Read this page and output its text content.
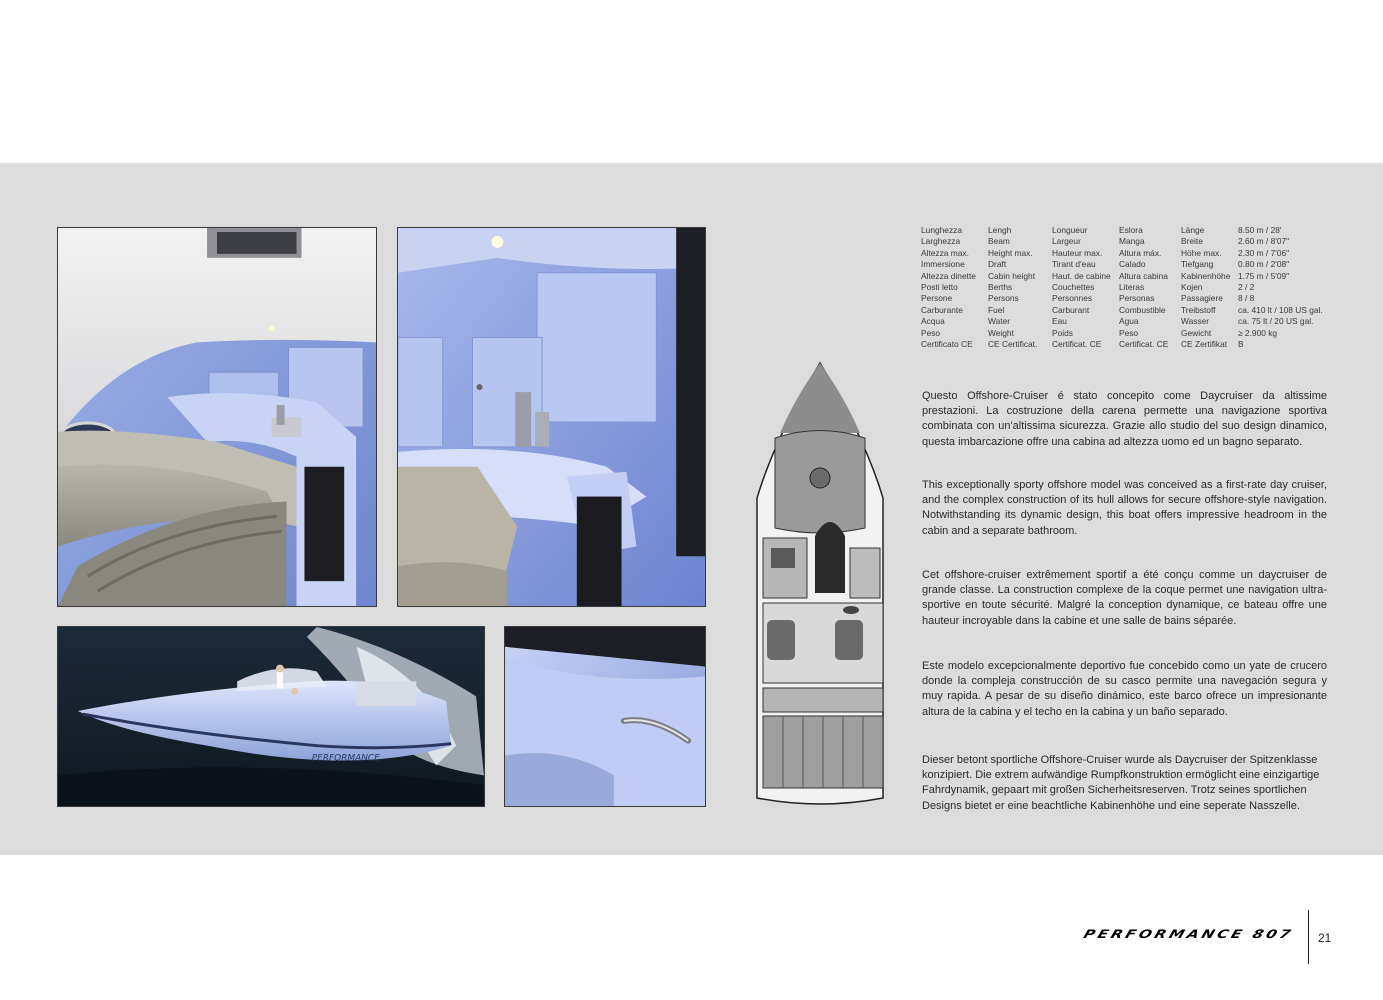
PERFORMANCE
Lunghezza	Lengh	Longueur	Eslora	Länge	8.50 m / 28'
Larghezza	Beam	Largeur	Manga	Breite	2.60 m / 8'07"
Altezza max.	Height max.	Hauteur max.	Altura máx.	Höhe max.	2.30 m / 7'06"
Immersione	Draft	Tirant d'eau	Calado	Tiefgang	0.80 m / 2'08"
Altezza dinette	Cabin height	Haut. de cabine	Altura cabina	Kabinenhöhe	1.75 m / 5'09"
Posti letto	Berths	Couchettes	Literas	Kojen	2 / 2
Persone	Persons	Personnes	Personas	Passagiere	8 / 8
Carburante	Fuel	Carburant	Combustible	Treibstoff	ca. 410 lt / 108 US gal.
Acqua	Water	Eau	Agua	Wasser	ca. 75 lt / 20 US gal.
Peso	Weight	Poids	Peso	Gewicht	≥ 2.900 kg
Certificato CE	CE Certificat.	Certificat. CE	Certificat. CE	CE Zertifikat	B

Questo Offshore-Cruiser é stato concepito come Daycruiser da altissime prestazioni. La costruzione della carena permette una navigazione sportiva combinata con un'altissima sicurezza. Grazie allo studio del suo design dinamico, questa imbarcazione offre una cabina ad altezza uomo ed un bagno separato.

This exceptionally sporty offshore model was conceived as a first-rate day cruiser, and the complex construction of its hull allows for secure offshore-style navigation. Notwithstanding its dynamic design, this boat offers impressive headroom in the cabin and a separate bathroom.

Cet offshore-cruiser extrêmement sportif a été conçu comme un daycruiser de grande classe. La construction complexe de la coque permet une navigation ultra-sportive en toute sécurité. Malgré la conception dynamique, ce bateau offre une hauteur incroyable dans la cabine et une salle de bains séparée.

Este modelo excepcionalmente deportivo fue concebido como un yate de crucero donde la compleja construcción de su casco permite una navegación segura y muy rapida. A pesar de su diseño dinámico, este barco ofrece un impresionante altura de la cabina y el techo en la cabina y un baño separado.

Dieser betont sportliche Offshore-Cruiser wurde als Daycruiser der Spitzenklasse konzipiert. Die extrem aufwändige Rumpfkonstruktion ermöglicht eine einzigartige Fahrdynamik, gepaart mit großen Sicherheitsreserven. Trotz seines sportlichen Designs bietet er eine beachtliche Kabinenhöhe und eine seperate Nasszelle.

PERFORMANCE 807 21
